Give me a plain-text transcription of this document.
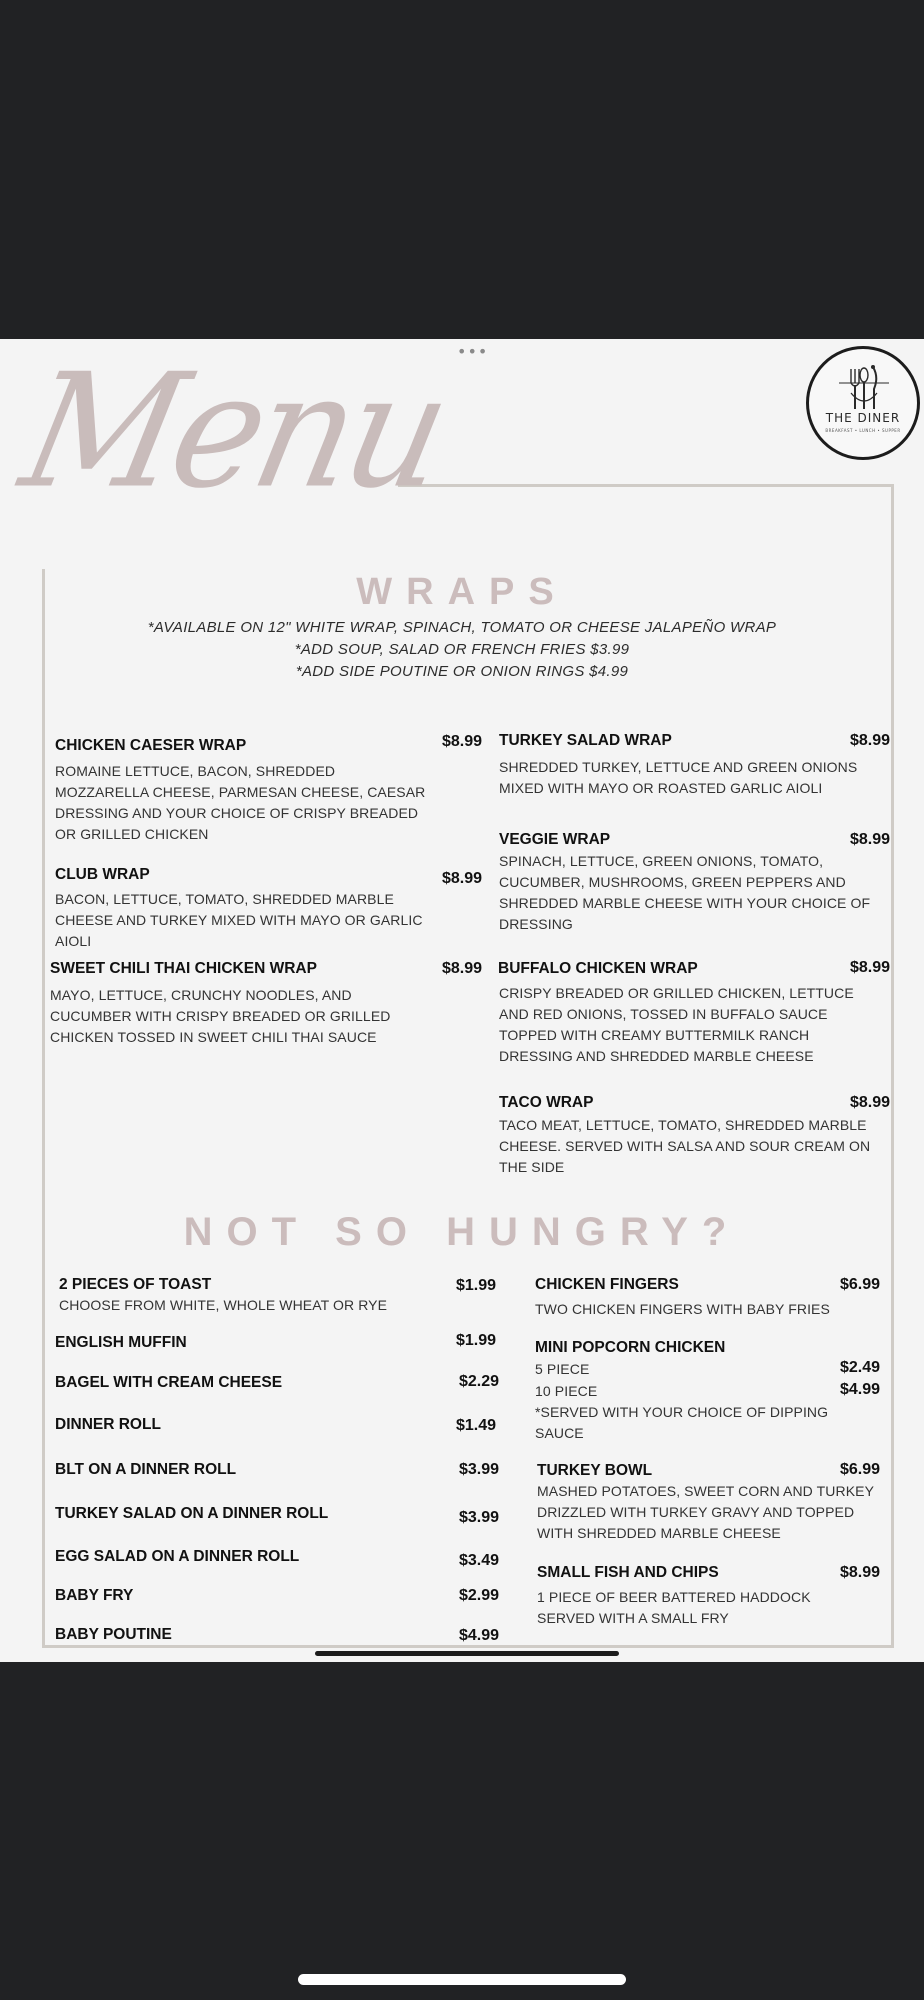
•••
Menu	THE DINER
BREAKFAST • LUNCH • SUPPER
WRAPS
*AVAILABLE ON 12" WHITE WRAP, SPINACH, TOMATO OR CHEESE JALAPEÑO WRAP
*ADD SOUP, SALAD OR FRENCH FRIES $3.99
*ADD SIDE POUTINE OR ONION RINGS $4.99
CHICKEN CAESER WRAP	$8.99
ROMAINE LETTUCE, BACON, SHREDDED MOZZARELLA CHEESE, PARMESAN CHEESE, CAESAR DRESSING AND YOUR CHOICE OF CRISPY BREADED OR GRILLED CHICKEN
CLUB WRAP	$8.99
BACON, LETTUCE, TOMATO, SHREDDED MARBLE CHEESE AND TURKEY MIXED WITH MAYO OR GARLIC AIOLI
SWEET CHILI THAI CHICKEN WRAP	$8.99
MAYO, LETTUCE, CRUNCHY NOODLES, AND CUCUMBER WITH CRISPY BREADED OR GRILLED CHICKEN TOSSED IN SWEET CHILI THAI SAUCE
TURKEY SALAD WRAP	$8.99
SHREDDED TURKEY, LETTUCE AND GREEN ONIONS MIXED WITH MAYO OR ROASTED GARLIC AIOLI
VEGGIE WRAP	$8.99
SPINACH, LETTUCE, GREEN ONIONS, TOMATO, CUCUMBER, MUSHROOMS, GREEN PEPPERS AND SHREDDED MARBLE CHEESE WITH YOUR CHOICE OF DRESSING
BUFFALO CHICKEN WRAP	$8.99
CRISPY BREADED OR GRILLED CHICKEN, LETTUCE AND RED ONIONS, TOSSED IN BUFFALO SAUCE TOPPED WITH CREAMY BUTTERMILK RANCH DRESSING AND SHREDDED MARBLE CHEESE
TACO WRAP	$8.99
TACO MEAT, LETTUCE, TOMATO, SHREDDED MARBLE CHEESE. SERVED WITH SALSA AND SOUR CREAM ON THE SIDE
NOT SO HUNGRY?
2 PIECES OF TOAST	$1.99
CHOOSE FROM WHITE, WHOLE WHEAT OR RYE
ENGLISH MUFFIN	$1.99
BAGEL WITH CREAM CHEESE	$2.29
DINNER ROLL	$1.49
BLT ON A DINNER ROLL	$3.99
TURKEY SALAD ON A DINNER ROLL	$3.99
EGG SALAD ON A DINNER ROLL	$3.49
BABY FRY	$2.99
BABY POUTINE	$4.99
CHICKEN FINGERS	$6.99
TWO CHICKEN FINGERS WITH BABY FRIES
MINI POPCORN CHICKEN
5 PIECE	$2.49
10 PIECE	$4.99
*SERVED WITH YOUR CHOICE OF DIPPING SAUCE
TURKEY BOWL	$6.99
MASHED POTATOES, SWEET CORN AND TURKEY DRIZZLED WITH TURKEY GRAVY AND TOPPED WITH SHREDDED MARBLE CHEESE
SMALL FISH AND CHIPS	$8.99
1 PIECE OF BEER BATTERED HADDOCK SERVED WITH A SMALL FRY
